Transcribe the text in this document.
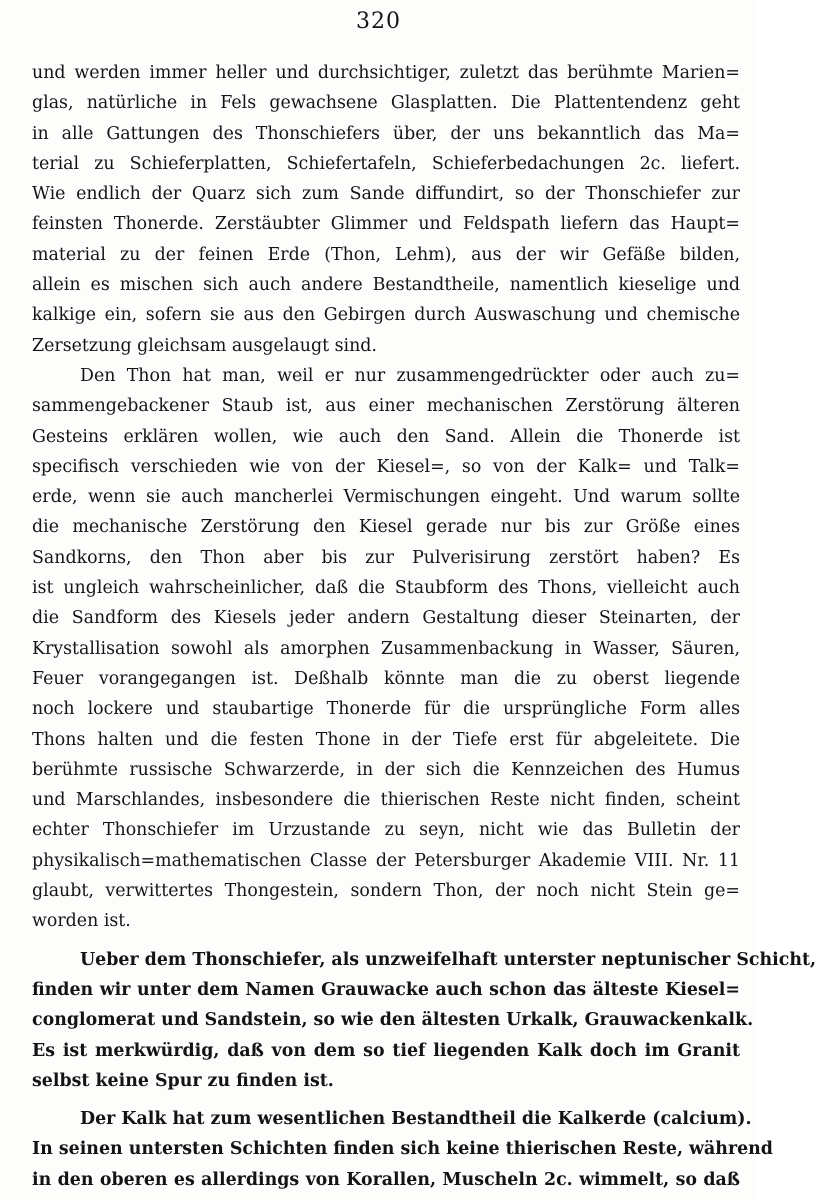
320
und werden immer heller und durchsichtiger, zuletzt das berühmte Marien=
glas, natürliche in Fels gewachsene Glasplatten. Die Plattentendenz geht
in alle Gattungen des Thonschiefers über, der uns bekanntlich das Ma=
terial zu Schieferplatten, Schiefertafeln, Schieferbedachungen 2c. liefert.
Wie endlich der Quarz sich zum Sande diffundirt, so der Thonschiefer zur
feinsten Thonerde. Zerstäubter Glimmer und Feldspath liefern das Haupt=
material zu der feinen Erde (Thon, Lehm), aus der wir Gefäße bilden,
allein es mischen sich auch andere Bestandtheile, namentlich kieselige und
kalkige ein, sofern sie aus den Gebirgen durch Auswaschung und chemische
Zersetzung gleichsam ausgelaugt sind.
Den Thon hat man, weil er nur zusammengedrückter oder auch zu=
sammengebackener Staub ist, aus einer mechanischen Zerstörung älteren
Gesteins erklären wollen, wie auch den Sand. Allein die Thonerde ist
specifisch verschieden wie von der Kiesel=, so von der Kalk= und Talk=
erde, wenn sie auch mancherlei Vermischungen eingeht. Und warum sollte
die mechanische Zerstörung den Kiesel gerade nur bis zur Größe eines
Sandkorns, den Thon aber bis zur Pulverisirung zerstört haben? Es
ist ungleich wahrscheinlicher, daß die Staubform des Thons, vielleicht auch
die Sandform des Kiesels jeder andern Gestaltung dieser Steinarten, der
Krystallisation sowohl als amorphen Zusammenbackung in Wasser, Säuren,
Feuer vorangegangen ist. Deßhalb könnte man die zu oberst liegende
noch lockere und staubartige Thonerde für die ursprüngliche Form alles
Thons halten und die festen Thone in der Tiefe erst für abgeleitete. Die
berühmte russische Schwarzerde, in der sich die Kennzeichen des Humus
und Marschlandes, insbesondere die thierischen Reste nicht finden, scheint
echter Thonschiefer im Urzustande zu seyn, nicht wie das Bulletin der
physikalisch=mathematischen Classe der Petersburger Akademie VIII. Nr. 11
glaubt, verwittertes Thongestein, sondern Thon, der noch nicht Stein ge=
worden ist.
Ueber dem Thonschiefer, als unzweifelhaft unterster neptunischer Schicht,
finden wir unter dem Namen Grauwacke auch schon das älteste Kiesel=
conglomerat und Sandstein, so wie den ältesten Urkalk, Grauwackenkalk.
Es ist merkwürdig, daß von dem so tief liegenden Kalk doch im Granit
selbst keine Spur zu finden ist.
Der Kalk hat zum wesentlichen Bestandtheil die Kalkerde (calcium).
In seinen untersten Schichten finden sich keine thierischen Reste, während
in den oberen es allerdings von Korallen, Muscheln 2c. wimmelt, so daß
